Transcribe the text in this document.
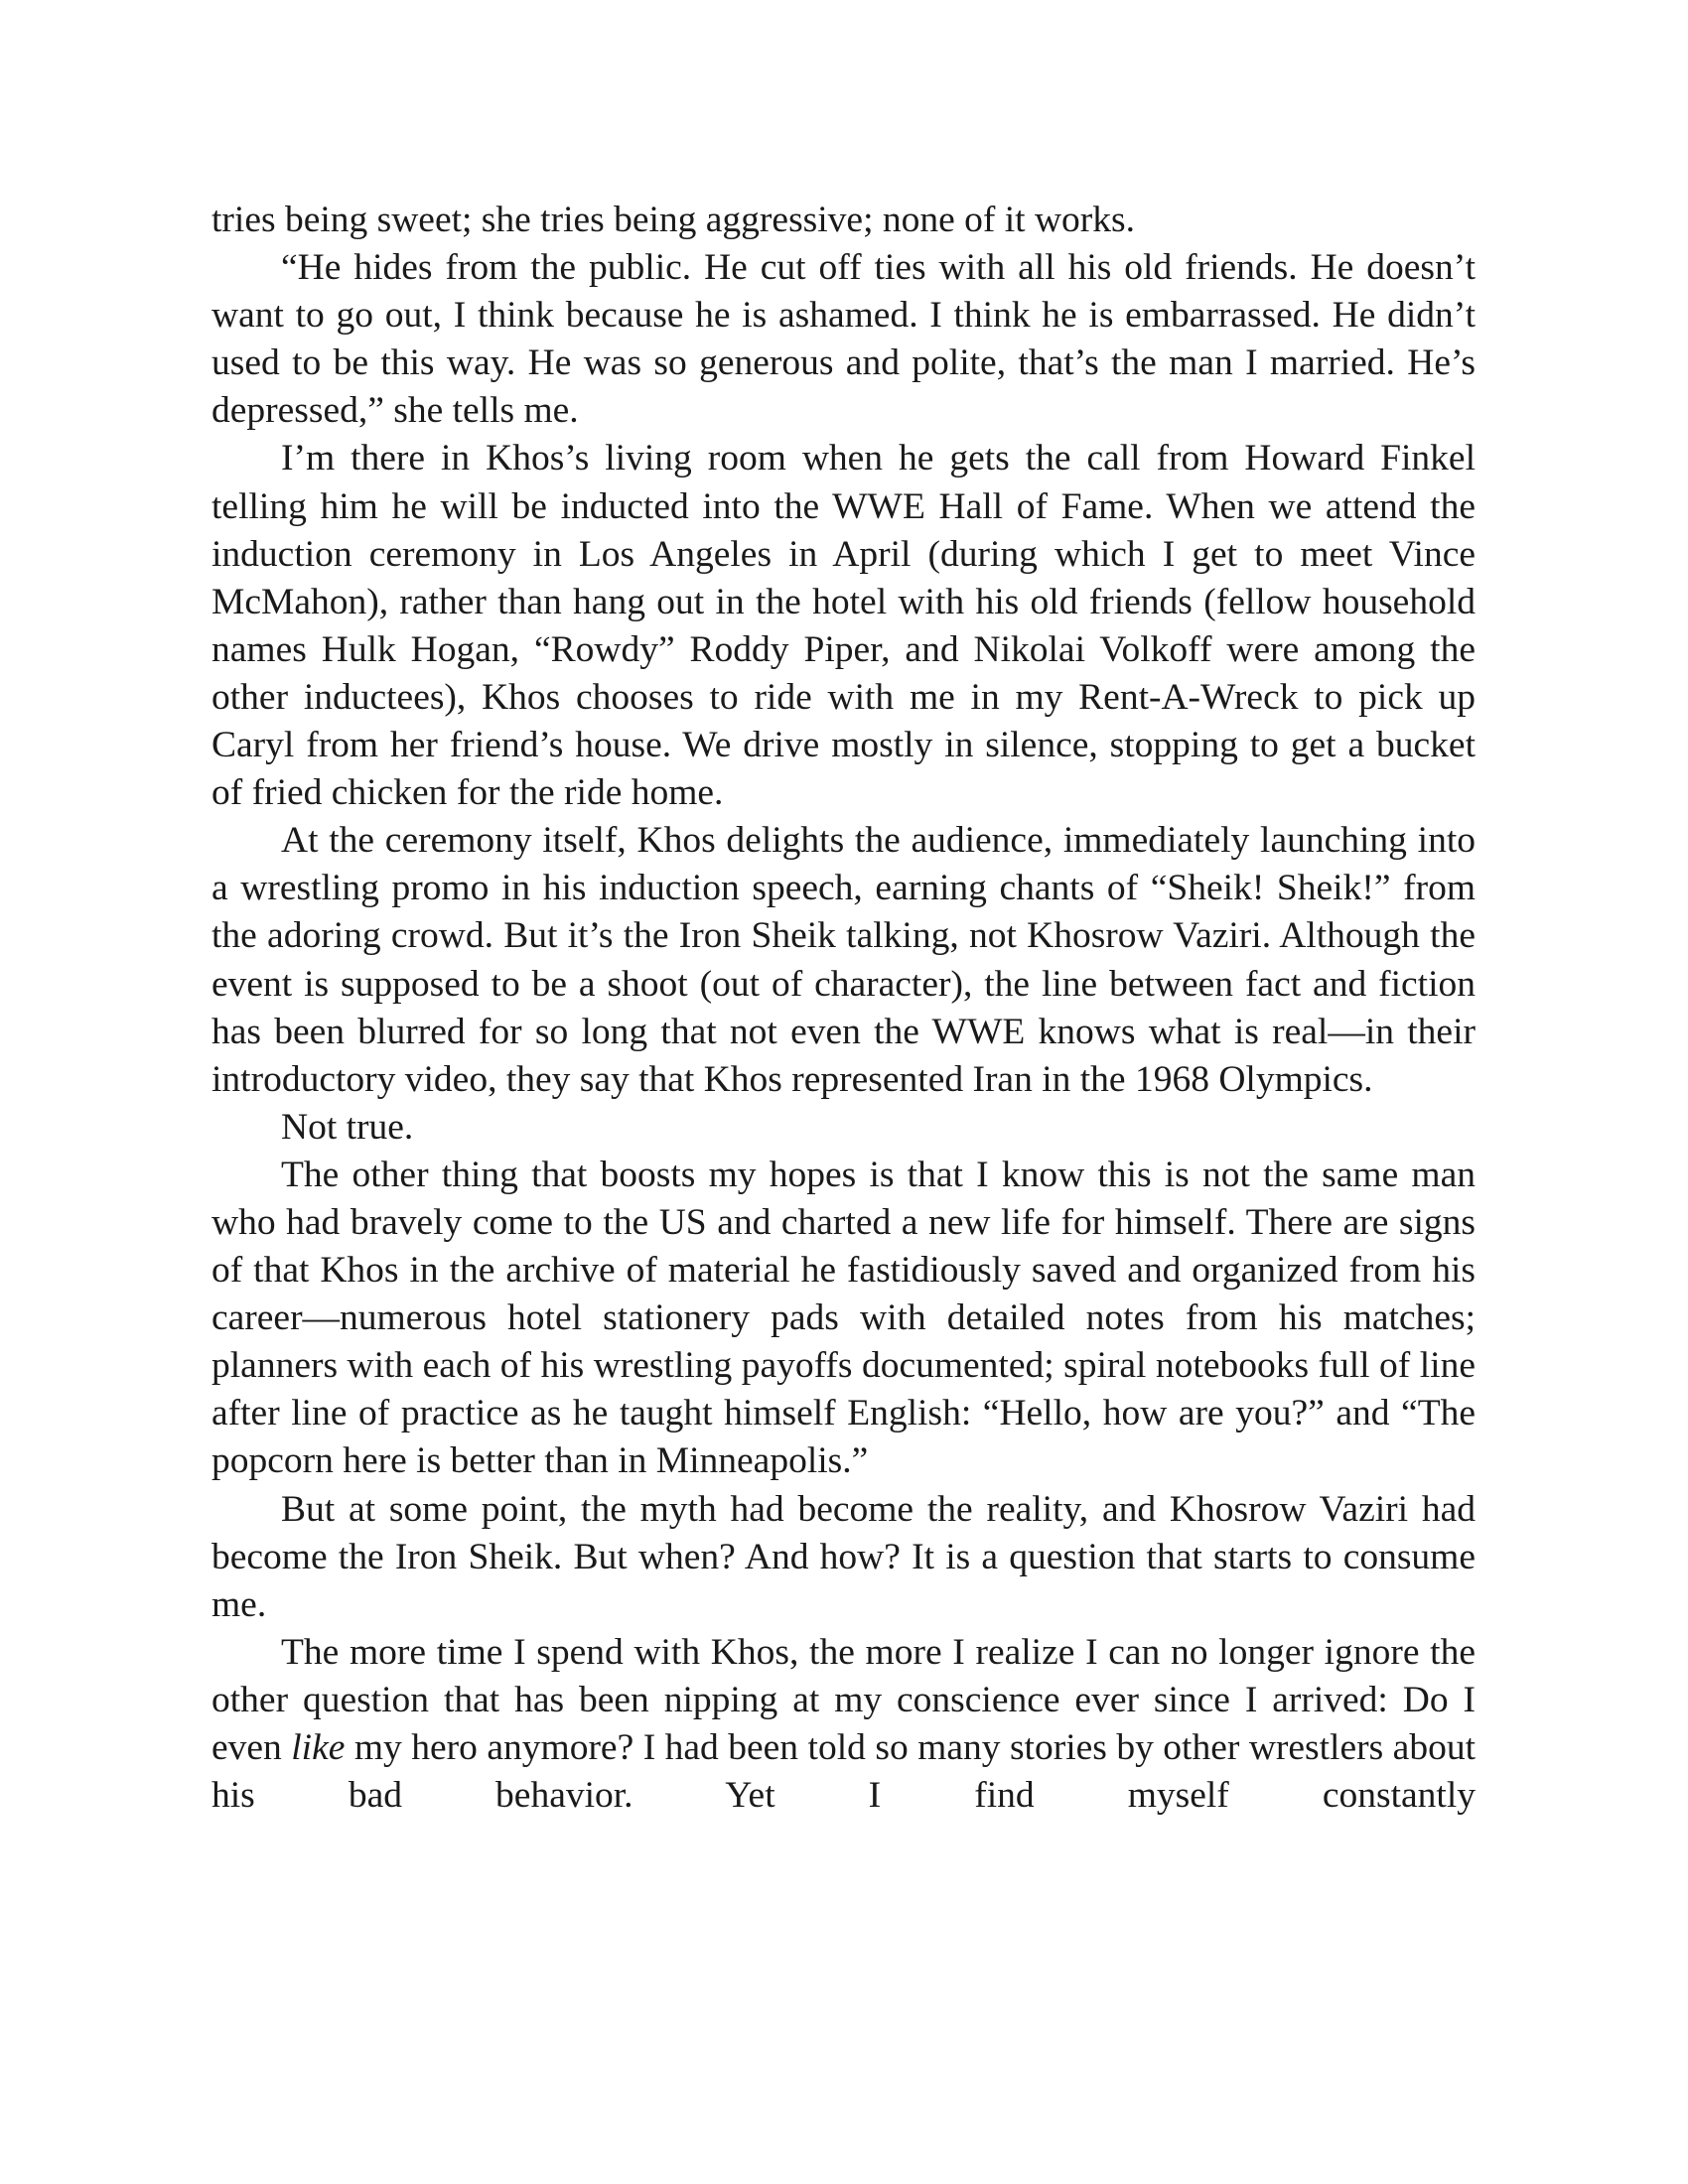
tries being sweet; she tries being aggressive; none of it works.

“He hides from the public. He cut off ties with all his old friends. He doesn’t want to go out, I think because he is ashamed. I think he is embarrassed. He didn’t used to be this way. He was so generous and polite, that’s the man I married. He’s depressed,” she tells me.

I’m there in Khos’s living room when he gets the call from Howard Finkel telling him he will be inducted into the WWE Hall of Fame. When we attend the induction ceremony in Los Angeles in April (during which I get to meet Vince McMahon), rather than hang out in the hotel with his old friends (fellow household names Hulk Hogan, “Rowdy” Roddy Piper, and Nikolai Volkoff were among the other inductees), Khos chooses to ride with me in my Rent-A-Wreck to pick up Caryl from her friend’s house. We drive mostly in silence, stopping to get a bucket of fried chicken for the ride home.

At the ceremony itself, Khos delights the audience, immediately launching into a wrestling promo in his induction speech, earning chants of “Sheik! Sheik!” from the adoring crowd. But it’s the Iron Sheik talking, not Khosrow Vaziri. Although the event is supposed to be a shoot (out of character), the line between fact and fiction has been blurred for so long that not even the WWE knows what is real—in their introductory video, they say that Khos represented Iran in the 1968 Olympics.

Not true.

The other thing that boosts my hopes is that I know this is not the same man who had bravely come to the US and charted a new life for himself. There are signs of that Khos in the archive of material he fastidiously saved and organized from his career—numerous hotel stationery pads with detailed notes from his matches; planners with each of his wrestling payoffs documented; spiral notebooks full of line after line of practice as he taught himself English: “Hello, how are you?” and “The popcorn here is better than in Minneapolis.”

But at some point, the myth had become the reality, and Khosrow Vaziri had become the Iron Sheik. But when? And how? It is a question that starts to consume me.

The more time I spend with Khos, the more I realize I can no longer ignore the other question that has been nipping at my conscience ever since I arrived: Do I even like my hero anymore? I had been told so many stories by other wrestlers about his bad behavior. Yet I find myself constantly
